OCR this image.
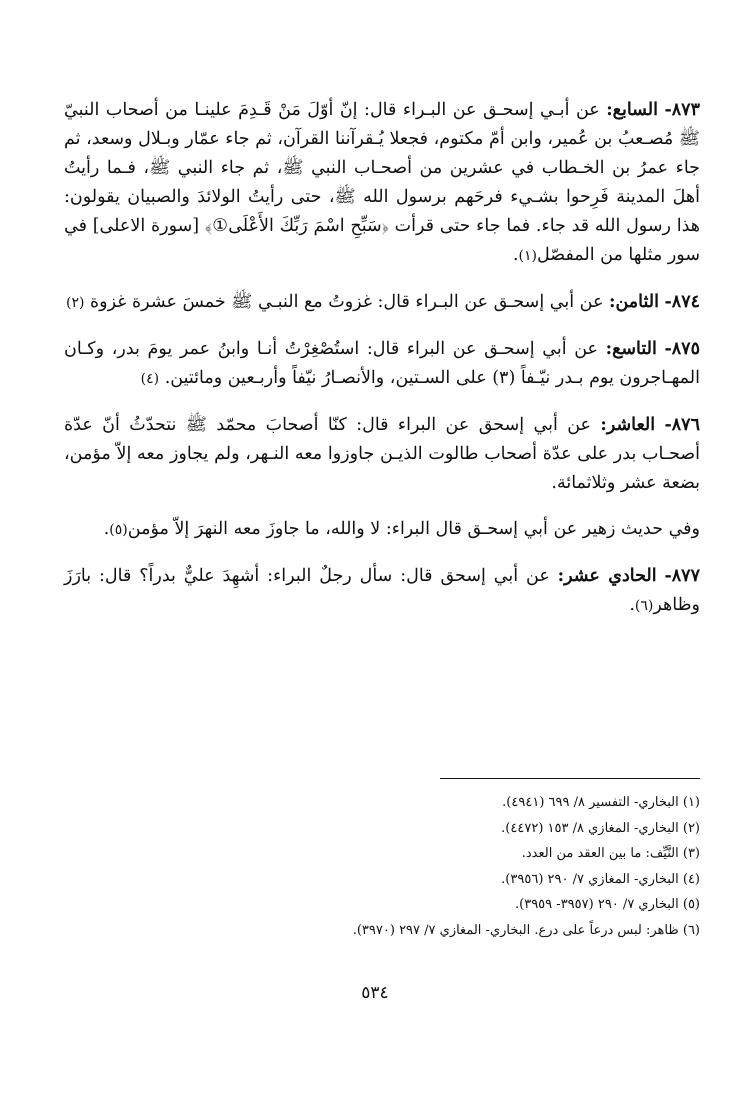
٨٧٣- السابع: عن أبـي إسحـق عن البـراء قال: إنّ أوّلَ مَنْ قَـدِمَ علينـا من أصحاب النبيّ ﷺ مُصـعبُ بن عُمير، وابن أمّ مكتوم، فجعلا يُـقرآننا القرآن، ثم جاء عمّار وبـلال وسعد، ثم جاء عمرُ بن الخـطاب في عشرين من أصحـاب النبي ﷺ، ثم جاء النبي ﷺ، فـما رأيتُ أهلَ المدينة فَرِحوا بشـيء فرحَهم برسول الله ﷺ، حتى رأيتُ الولائدَ والصبيان يقولون: هذا رسول الله قد جاء. فما جاء حتى قرأت ﴿سَبِّحِ اسْمَ رَبِّكَ الأَعْلَى①﴾ [سورة الاعلى] في سور مثلها من المفصّل(١).

٨٧٤- الثامن: عن أبي إسحـق عن البـراء قال: غزوتُ مع النبـي ﷺ خمسَ عشرة غزوة (٢)

٨٧٥- التاسع: عن أبي إسحـق عن البراء قال: استُصْغِرْتُ أنـا وابنُ عمر يومَ بدر، وكـان المهـاجرون يوم بـدر نيّـفاً (٣) على السـتين، والأنصـارُ نيّفاً وأربـعين ومائتين. (٤)

٨٧٦- العاشر: عن أبي إسحق عن البراء قال: كنّا أصحابَ محمّد ﷺ نتحدّثُ أنّ عدّة أصحـاب بدر على عدّة أصحاب طالوت الذيـن جاوزوا معه النـهر، ولم يجاوز معه إلاّ مؤمن، بضعة عشر وثلاثمائة.

وفي حديث زهير عن أبي إسحـق قال البراء: لا والله، ما جاوزَ معه النهرَ إلاّ مؤمن(٥).

٨٧٧- الحادي عشر: عن أبي إسحق قال: سأل رجلٌ البراء: أشهِدَ عليٌّ بدراً؟ قال: بارَزَ وظاهر(٦).

(١) البخاري- التفسير ٨/ ٦٩٩ (٤٩٤١).
(٢) البخاري- المغازي ٨/ ١٥٣ (٤٤٧٢).
(٣) النَّيِّف: ما بين العقد من العدد.
(٤) البخاري- المغازي ٧/ ٢٩٠ (٣٩٥٦).
(٥) البخاري ٧/ ٢٩٠ (٣٩٥٧- ٣٩٥٩).
(٦) ظاهر: لبس درعاً على درع. البخاري- المغازي ٧/ ٢٩٧ (٣٩٧٠).
٥٣٤
